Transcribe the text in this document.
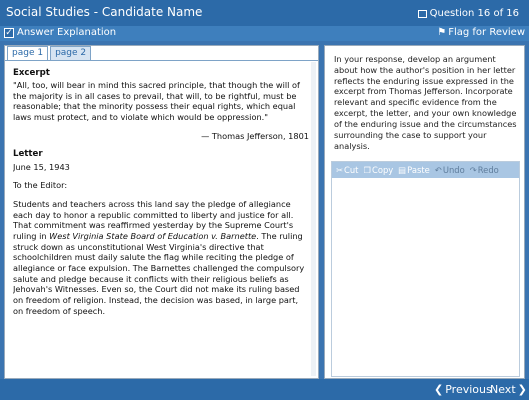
Social Studies - Candidate Name	Question 16 of 16
✓ Answer Explanation	⚑ Flag for Review
page 1	page 2
Excerpt

"All, too, will bear in mind this sacred principle, that though the will of the majority is in all cases to prevail, that will, to be rightful, must be reasonable; that the minority possess their equal rights, which equal laws must protect, and to violate which would be oppression."

— Thomas Jefferson, 1801

Letter

June 15, 1943

To the Editor:

Students and teachers across this land say the pledge of allegiance each day to honor a republic committed to liberty and justice for all. That commitment was reaffirmed yesterday by the Supreme Court's ruling in West Virginia State Board of Education v. Barnette. The ruling struck down as unconstitutional West Virginia's directive that schoolchildren must daily salute the flag while reciting the pledge of allegiance or face expulsion. The Barnettes challenged the compulsory salute and pledge because it conflicts with their religious beliefs as Jehovah's Witnesses. Even so, the Court did not make its ruling based on freedom of religion. Instead, the decision was based, in large part, on freedom of speech.

In your response, develop an argument about how the author's position in her letter reflects the enduring issue expressed in the excerpt from Thomas Jefferson. Incorporate relevant and specific evidence from the excerpt, the letter, and your own knowledge of the enduring issue and the circumstances surrounding the case to support your analysis.
✂ Cut ❐ Copy ▤ Paste ↶ Undo ↷ Redo
❮ Previous
Next ❯
